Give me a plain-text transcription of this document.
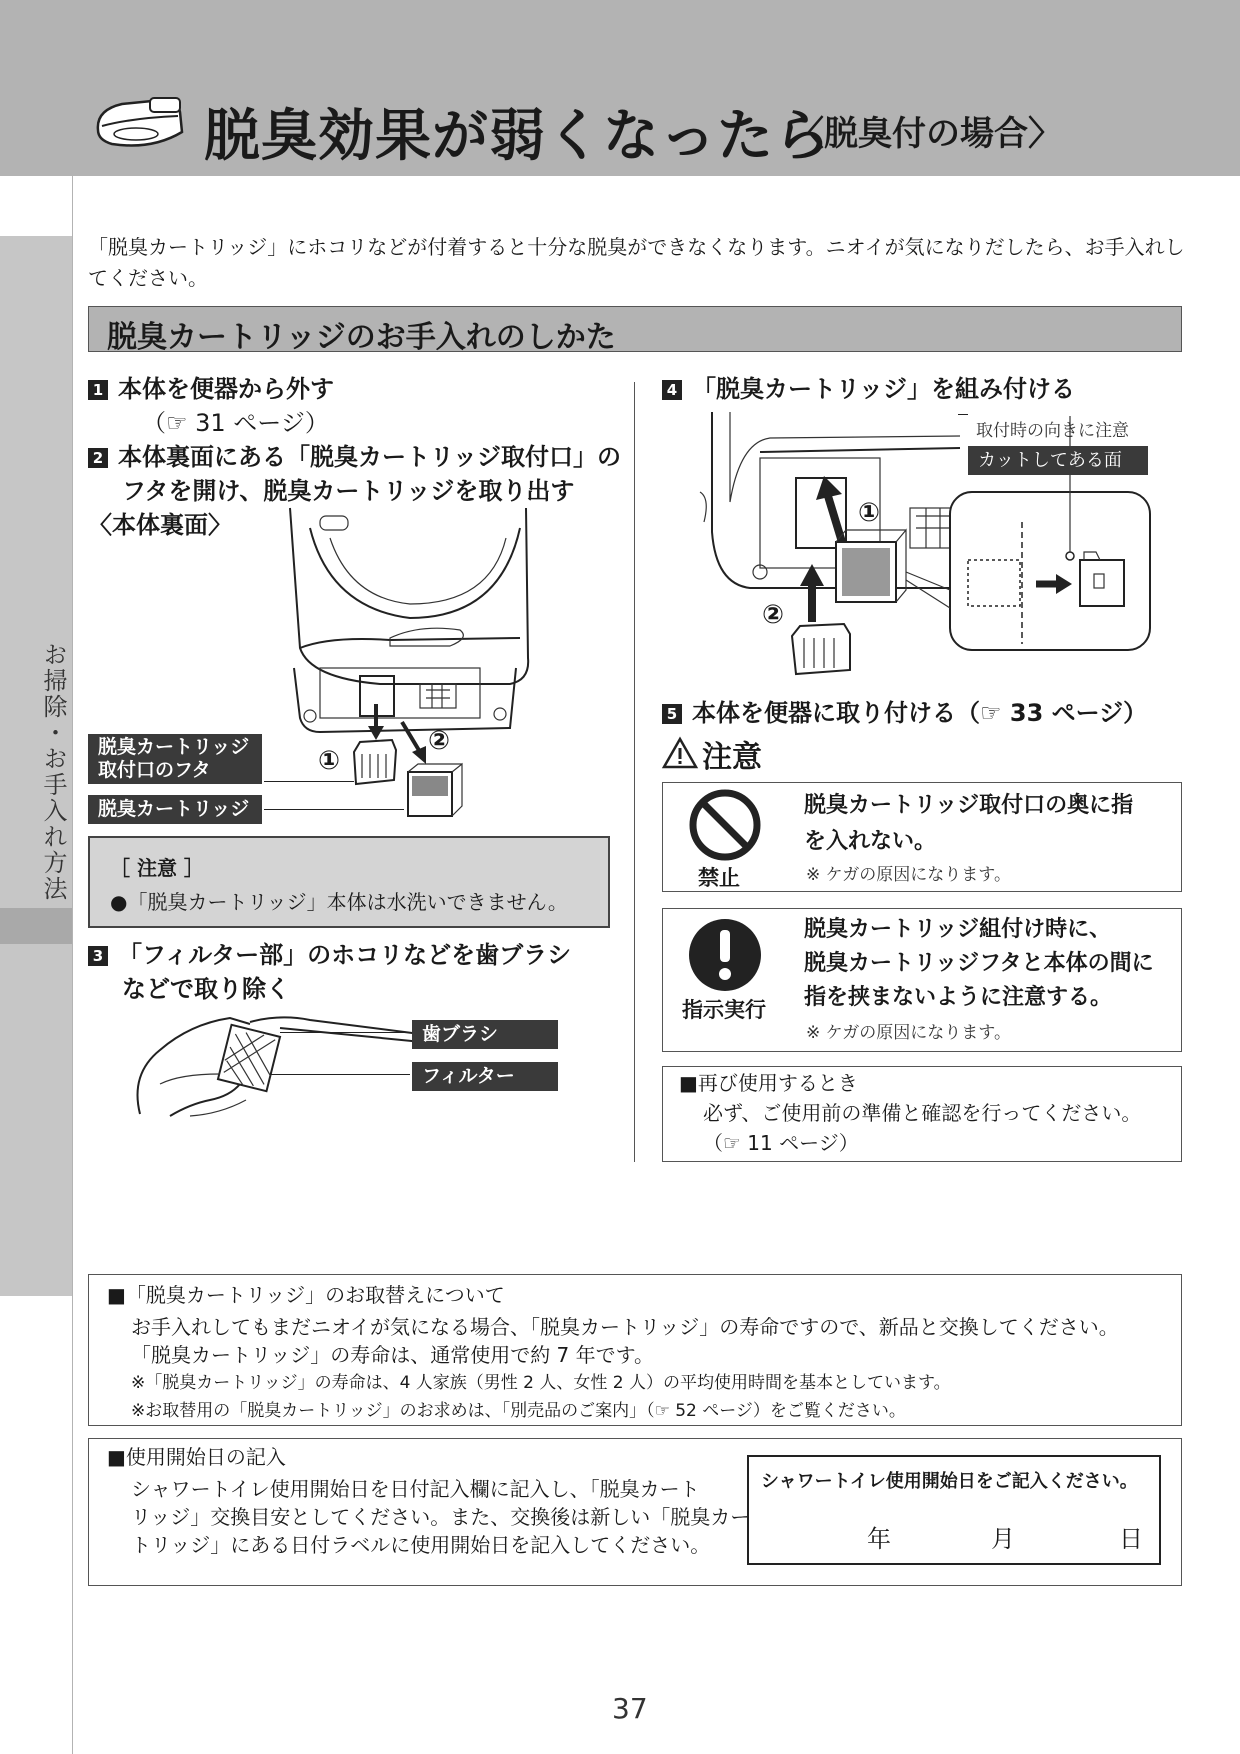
脱臭効果が弱くなったら
〈脱臭付の場合〉
お掃除・お手入れ方法
「脱臭カートリッジ」にホコリなどが付着すると十分な脱臭ができなくなります。ニオイが気になりだしたら、お手入れしてください。
脱臭カートリッジのお手入れのしかた
1 本体を便器から外す
（☞ 31 ページ）
2 本体裏面にある「脱臭カートリッジ取付口」の
フタを開け、脱臭カートリッジを取り出す
〈本体裏面〉
①
②
脱臭カートリッジ
取付口のフタ
脱臭カートリッジ
［ 注意 ］
●「脱臭カートリッジ」本体は水洗いできません。
3 「フィルター部」のホコリなどを歯ブラシ
などで取り除く
歯ブラシ
フィルター
4 「脱臭カートリッジ」を組み付ける
取付時の向きに注意
カットしてある面
①
②
5 本体を便器に取り付ける（☞ 33 ページ）
注意
禁止
脱臭カートリッジ取付口の奥に指
を入れない。
※ ケガの原因になります。
指示実行
脱臭カートリッジ組付け時に、
脱臭カートリッジフタと本体の間に
指を挟まないように注意する。
※ ケガの原因になります。
■再び使用するとき
必ず、ご使用前の準備と確認を行ってください。
（☞ 11 ページ）
■「脱臭カートリッジ」のお取替えについて
お手入れしてもまだニオイが気になる場合、「脱臭カートリッジ」の寿命ですので、新品と交換してください。
「脱臭カートリッジ」の寿命は、通常使用で約 7 年です。
※「脱臭カートリッジ」の寿命は、4 人家族（男性 2 人、女性 2 人）の平均使用時間を基本としています。
※お取替用の「脱臭カートリッジ」のお求めは、「別売品のご案内」（☞ 52 ページ）をご覧ください。
■使用開始日の記入
シャワートイレ使用開始日を日付記入欄に記入し、「脱臭カート
リッジ」交換目安としてください。また、交換後は新しい「脱臭カー
トリッジ」にある日付ラベルに使用開始日を記入してください。
シャワートイレ使用開始日をご記入ください。
年	月	日
37
